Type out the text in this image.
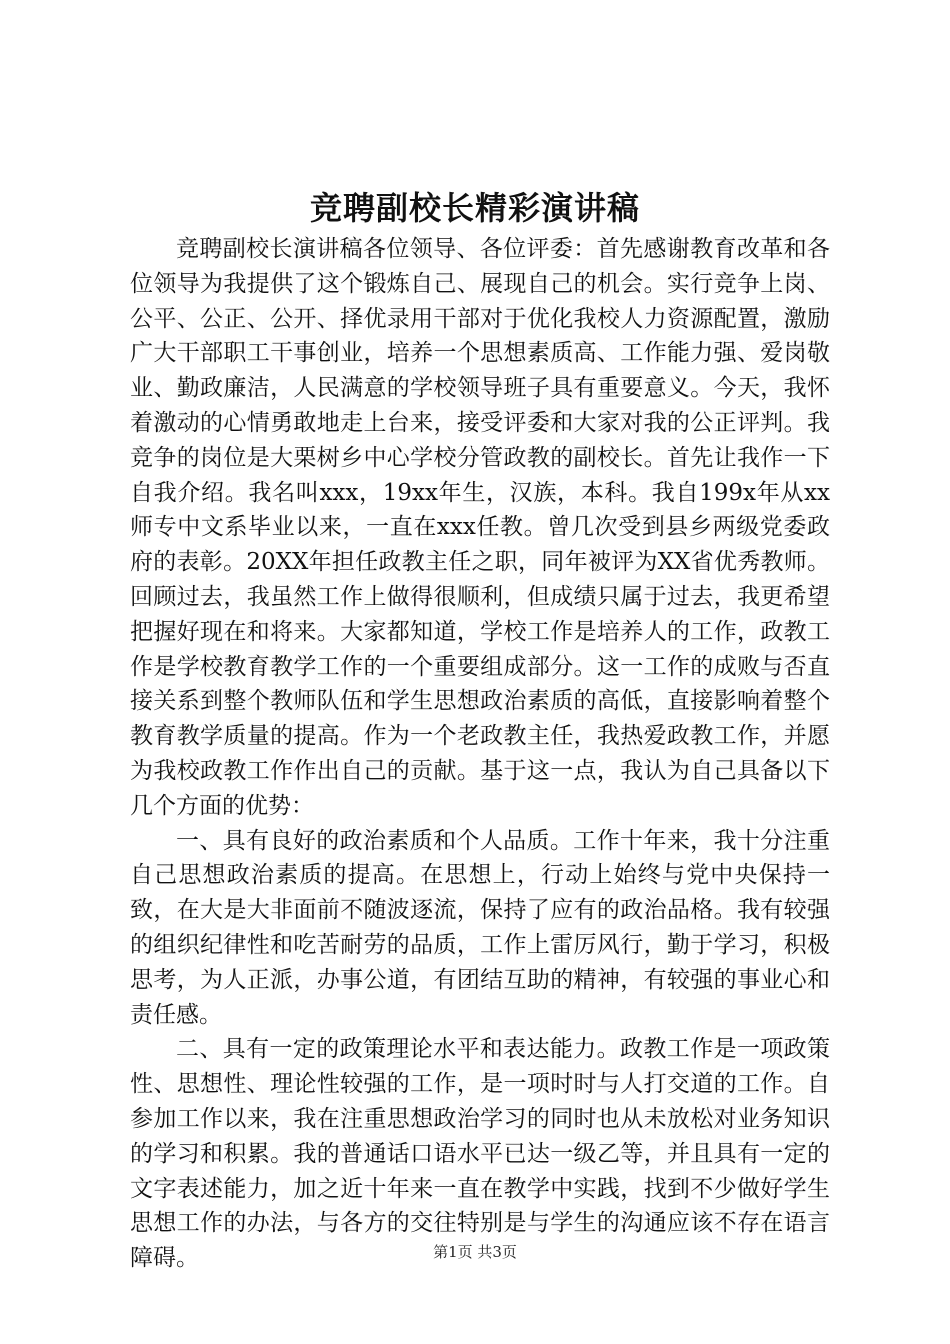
竞聘副校长精彩演讲稿

竞聘副校长演讲稿各位领导、各位评委：首先感谢教育改革和各位领导为我提供了这个锻炼自己、展现自己的机会。实行竞争上岗、公平、公正、公开、择优录用干部对于优化我校人力资源配置，激励广大干部职工干事创业，培养一个思想素质高、工作能力强、爱岗敬业、勤政廉洁，人民满意的学校领导班子具有重要意义。今天，我怀着激动的心情勇敢地走上台来，接受评委和大家对我的公正评判。我竞争的岗位是大栗树乡中心学校分管政教的副校长。首先让我作一下自我介绍。我名叫xxx，19xx年生，汉族，本科。我自199x年从xx师专中文系毕业以来，一直在xxx任教。曾几次受到县乡两级党委政府的表彰。20XX年担任政教主任之职，同年被评为XX省优秀教师。回顾过去，我虽然工作上做得很顺利，但成绩只属于过去，我更希望把握好现在和将来。大家都知道，学校工作是培养人的工作，政教工作是学校教育教学工作的一个重要组成部分。这一工作的成败与否直接关系到整个教师队伍和学生思想政治素质的高低，直接影响着整个教育教学质量的提高。作为一个老政教主任，我热爱政教工作，并愿为我校政教工作作出自己的贡献。基于这一点，我认为自己具备以下几个方面的优势：

一、具有良好的政治素质和个人品质。工作十年来，我十分注重自己思想政治素质的提高。在思想上，行动上始终与党中央保持一致，在大是大非面前不随波逐流，保持了应有的政治品格。我有较强的组织纪律性和吃苦耐劳的品质，工作上雷厉风行，勤于学习，积极思考，为人正派，办事公道，有团结互助的精神，有较强的事业心和责任感。

二、具有一定的政策理论水平和表达能力。政教工作是一项政策性、思想性、理论性较强的工作，是一项时时与人打交道的工作。自参加工作以来，我在注重思想政治学习的同时也从未放松对业务知识的学习和积累。我的普通话口语水平已达一级乙等，并且具有一定的文字表述能力，加之近十年来一直在教学中实践，找到不少做好学生思想工作的办法，与各方的交往特别是与学生的沟通应该不存在语言障碍。	第1页 共3页
